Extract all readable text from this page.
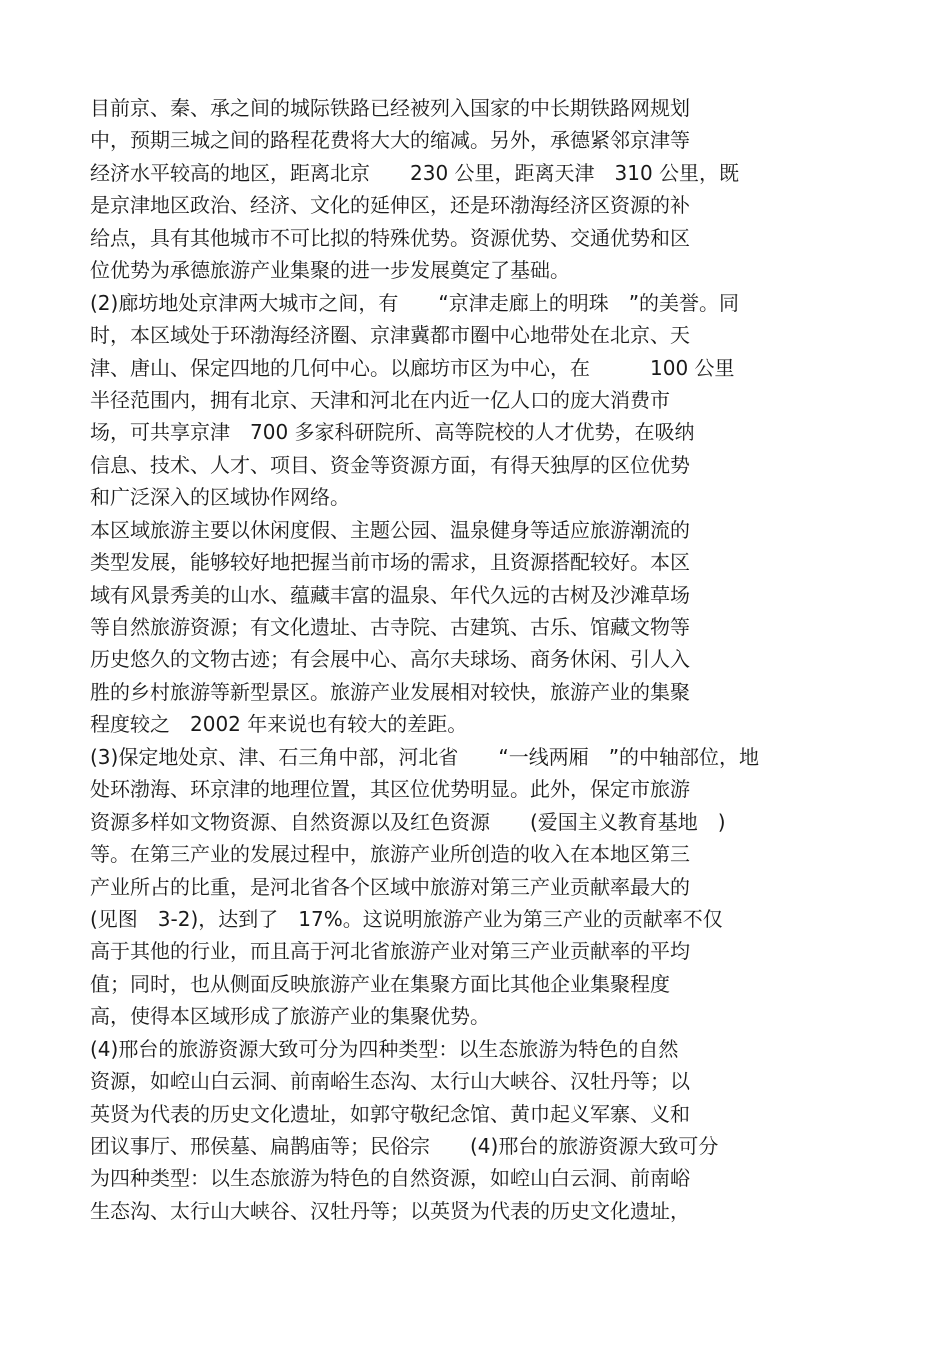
目前京、秦、承之间的城际铁路已经被列入国家的中长期铁路网规划
中，预期三城之间的路程花费将大大的缩减。另外，承德紧邻京津等
经济水平较高的地区，距离北京　　230 公里，距离天津　310 公里，既
是京津地区政治、经济、文化的延伸区，还是环渤海经济区资源的补
给点，具有其他城市不可比拟的特殊优势。资源优势、交通优势和区
位优势为承德旅游产业集聚的进一步发展奠定了基础。
(2)廊坊地处京津两大城市之间，有　　“京津走廊上的明珠　”的美誉。同
时，本区域处于环渤海经济圈、京津冀都市圈中心地带处在北京、天
津、唐山、保定四地的几何中心。以廊坊市区为中心，在　　　100 公里
半径范围内，拥有北京、天津和河北在内近一亿人口的庞大消费市
场，可共享京津　700 多家科研院所、高等院校的人才优势，在吸纳
信息、技术、人才、项目、资金等资源方面，有得天独厚的区位优势
和广泛深入的区域协作网络。
本区域旅游主要以休闲度假、主题公园、温泉健身等适应旅游潮流的
类型发展，能够较好地把握当前市场的需求，且资源搭配较好。本区
域有风景秀美的山水、蕴藏丰富的温泉、年代久远的古树及沙滩草场
等自然旅游资源；有文化遗址、古寺院、古建筑、古乐、馆藏文物等
历史悠久的文物古迹；有会展中心、高尔夫球场、商务休闲、引人入
胜的乡村旅游等新型景区。旅游产业发展相对较快，旅游产业的集聚
程度较之　2002 年来说也有较大的差距。
(3)保定地处京、津、石三角中部，河北省　　“一线两厢　”的中轴部位，地
处环渤海、环京津的地理位置，其区位优势明显。此外，保定市旅游
资源多样如文物资源、自然资源以及红色资源　　(爱国主义教育基地　)
等。在第三产业的发展过程中，旅游产业所创造的收入在本地区第三
产业所占的比重，是河北省各个区域中旅游对第三产业贡献率最大的
(见图　3-2)，达到了　17%。这说明旅游产业为第三产业的贡献率不仅
高于其他的行业，而且高于河北省旅游产业对第三产业贡献率的平均
值；同时，也从侧面反映旅游产业在集聚方面比其他企业集聚程度
高，使得本区域形成了旅游产业的集聚优势。
(4)邢台的旅游资源大致可分为四种类型：以生态旅游为特色的自然
资源，如崆山白云洞、前南峪生态沟、太行山大峡谷、汉牡丹等；以
英贤为代表的历史文化遗址，如郭守敬纪念馆、黄巾起义军寨、义和
团议事厅、邢侯墓、扁鹊庙等；民俗宗　　(4)邢台的旅游资源大致可分
为四种类型：以生态旅游为特色的自然资源，如崆山白云洞、前南峪
生态沟、太行山大峡谷、汉牡丹等；以英贤为代表的历史文化遗址，
